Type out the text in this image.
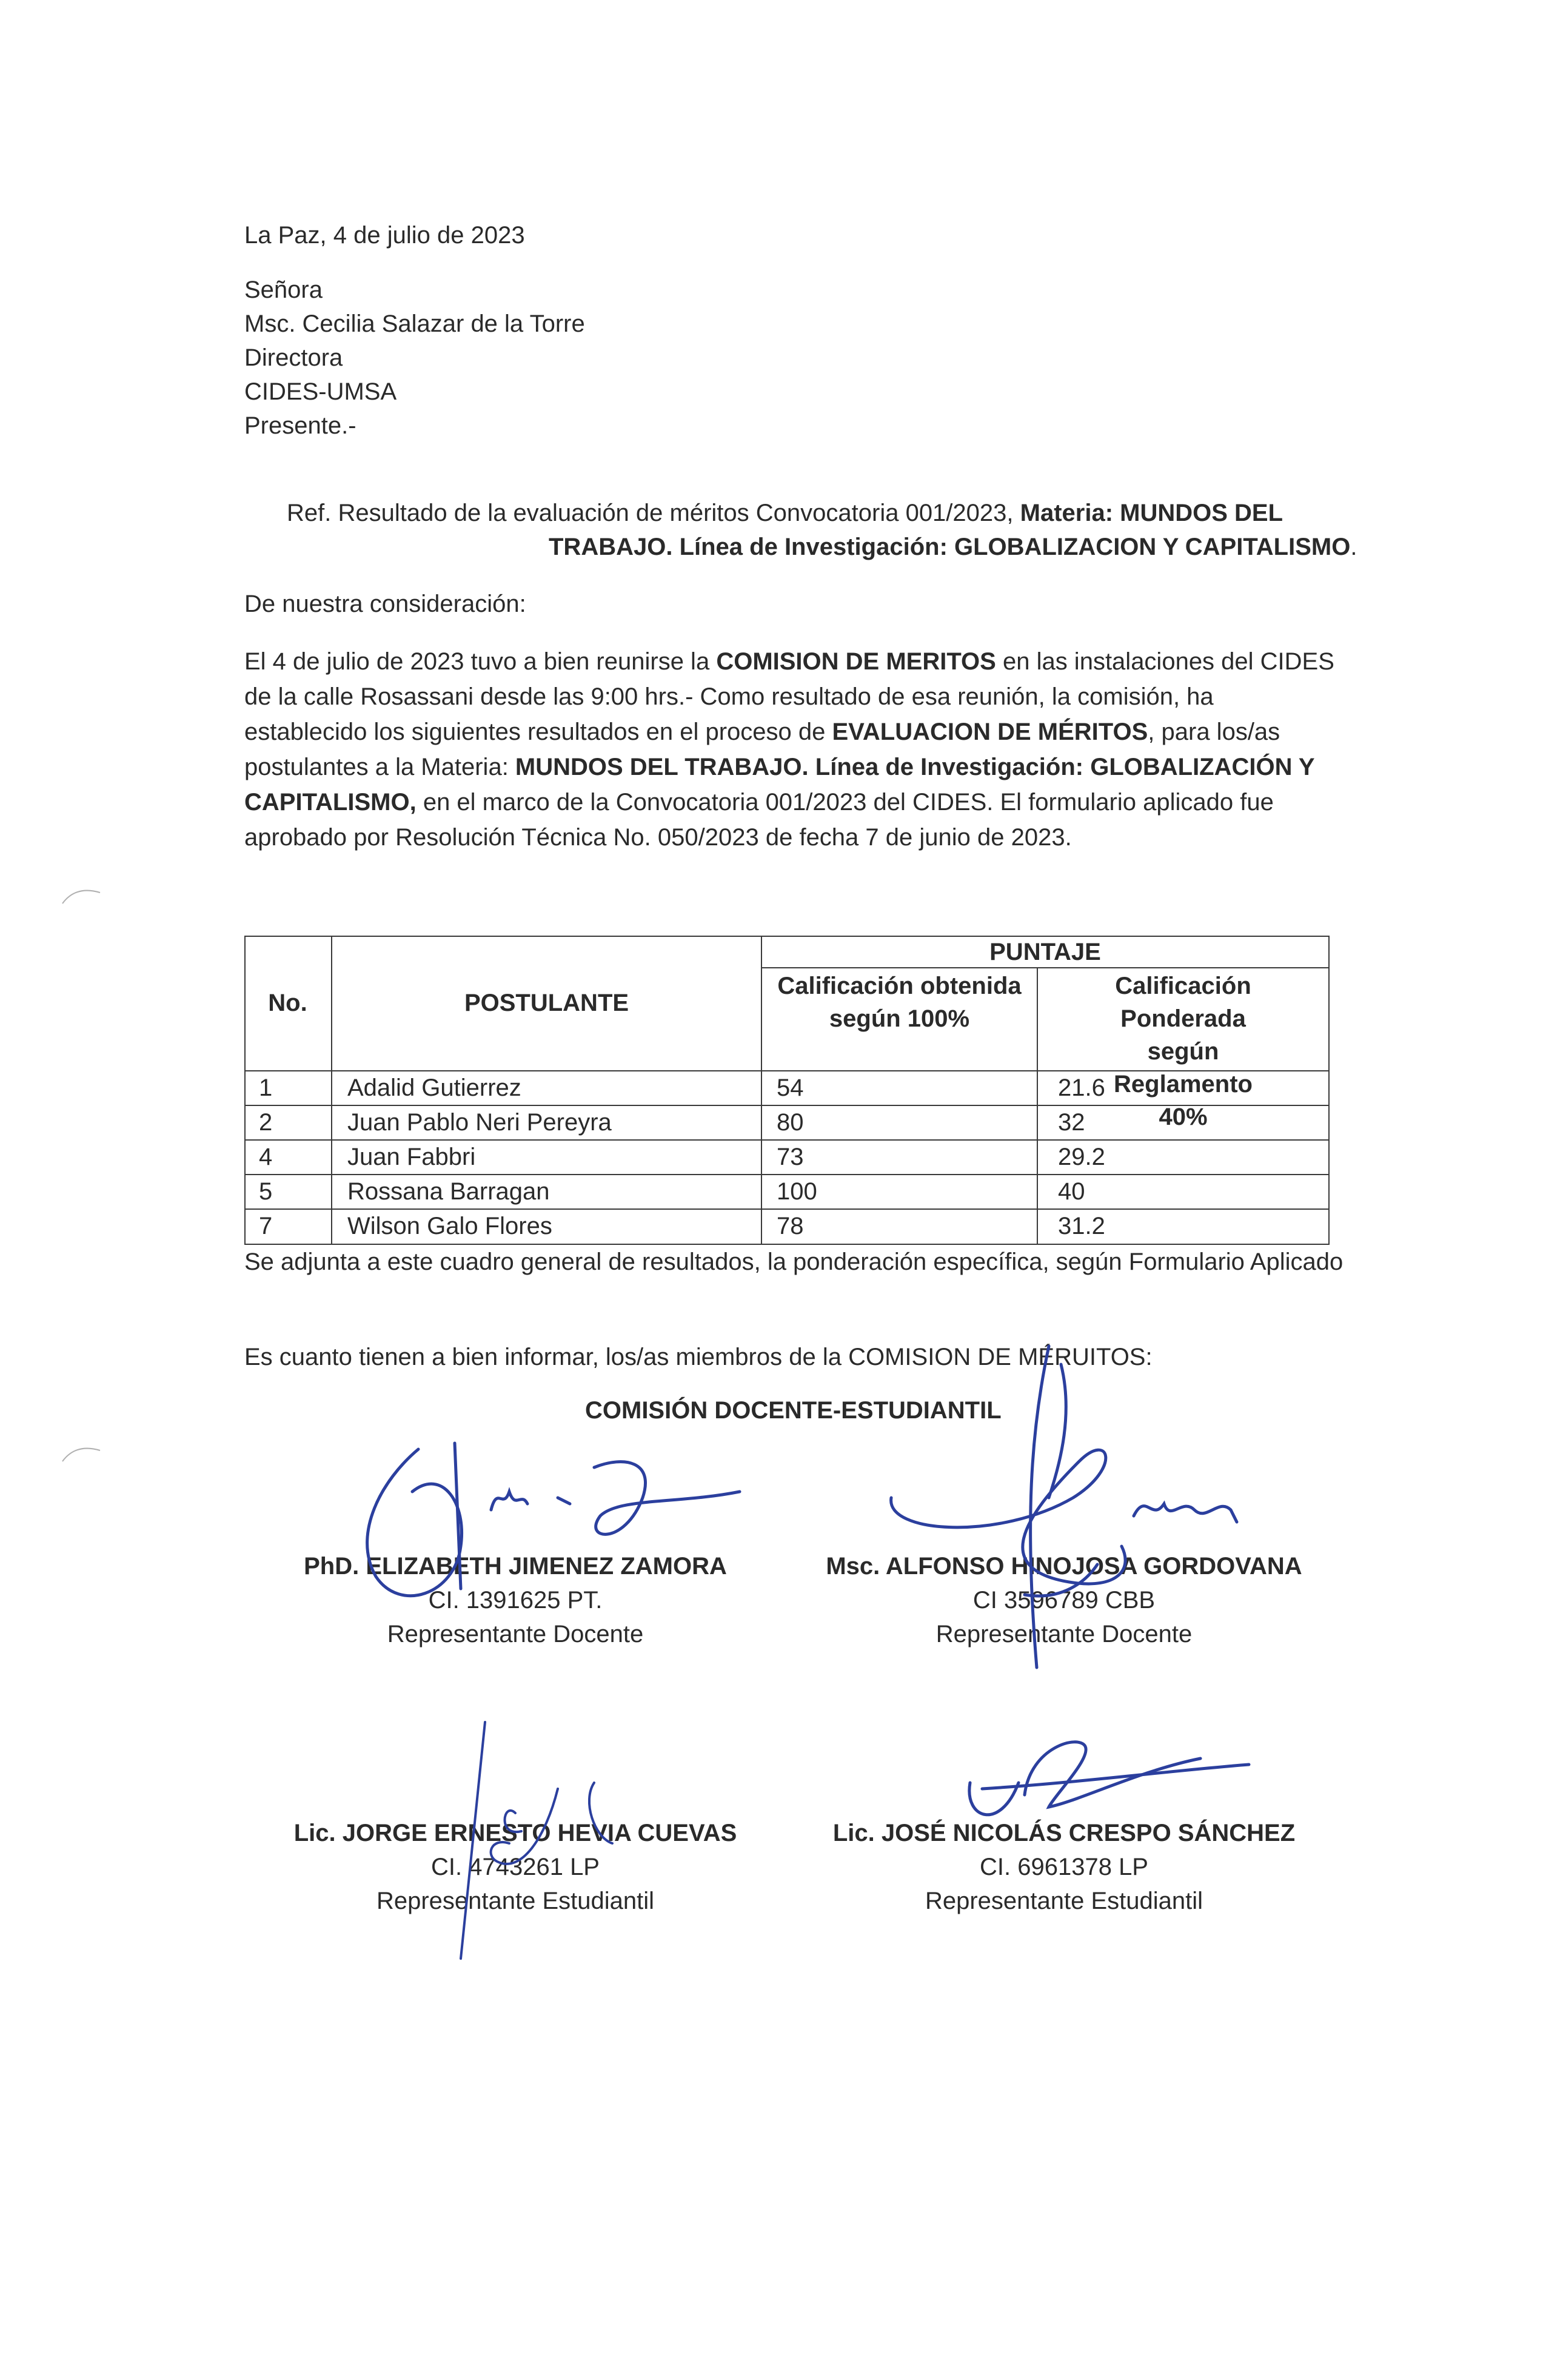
La Paz, 4 de julio de 2023
Señora
Msc. Cecilia Salazar de la Torre
Directora
CIDES-UMSA
Presente.-
Ref. Resultado de la evaluación de méritos Convocatoria 001/2023, Materia: MUNDOS DEL
TRABAJO. Línea de Investigación: GLOBALIZACION Y CAPITALISMO.
De nuestra consideración:
El 4 de julio de 2023 tuvo a bien reunirse la COMISION DE MERITOS en las instalaciones del CIDES de la calle Rosassani desde las 9:00 hrs.- Como resultado de esa reunión, la comisión, ha establecido los siguientes resultados en el proceso de EVALUACION DE MÉRITOS, para los/as postulantes a la Materia: MUNDOS DEL TRABAJO. Línea de Investigación: GLOBALIZACIÓN Y CAPITALISMO, en el marco de la Convocatoria 001/2023 del CIDES. El formulario aplicado fue aprobado por Resolución Técnica No. 050/2023 de fecha 7 de junio de 2023.
No.	POSTULANTE
PUNTAJE
Calificación obtenida según 100%
Calificación Ponderada según Reglamento 40%
1	Adalid Gutierrez	54	21.6
2	Juan Pablo Neri Pereyra	80	32
4	Juan Fabbri	73	29.2
5	Rossana Barragan	100	40
7	Wilson Galo Flores	78	31.2
Se adjunta a este cuadro general de resultados, la ponderación específica, según Formulario Aplicado
Es cuanto tienen a bien informar, los/as miembros de la COMISION DE MÉRUITOS:
COMISIÓN DOCENTE-ESTUDIANTIL
PhD. ELIZABETH JIMENEZ ZAMORA
CI. 1391625 PT.
Representante Docente
Msc. ALFONSO HINOJOSA GORDOVANA
CI 3596789 CBB
Representante Docente
Lic. JORGE ERNESTO HEVIA CUEVAS
CI. 4743261 LP
Representante Estudiantil
Lic. JOSÉ NICOLÁS CRESPO SÁNCHEZ
CI. 6961378 LP
Representante Estudiantil
